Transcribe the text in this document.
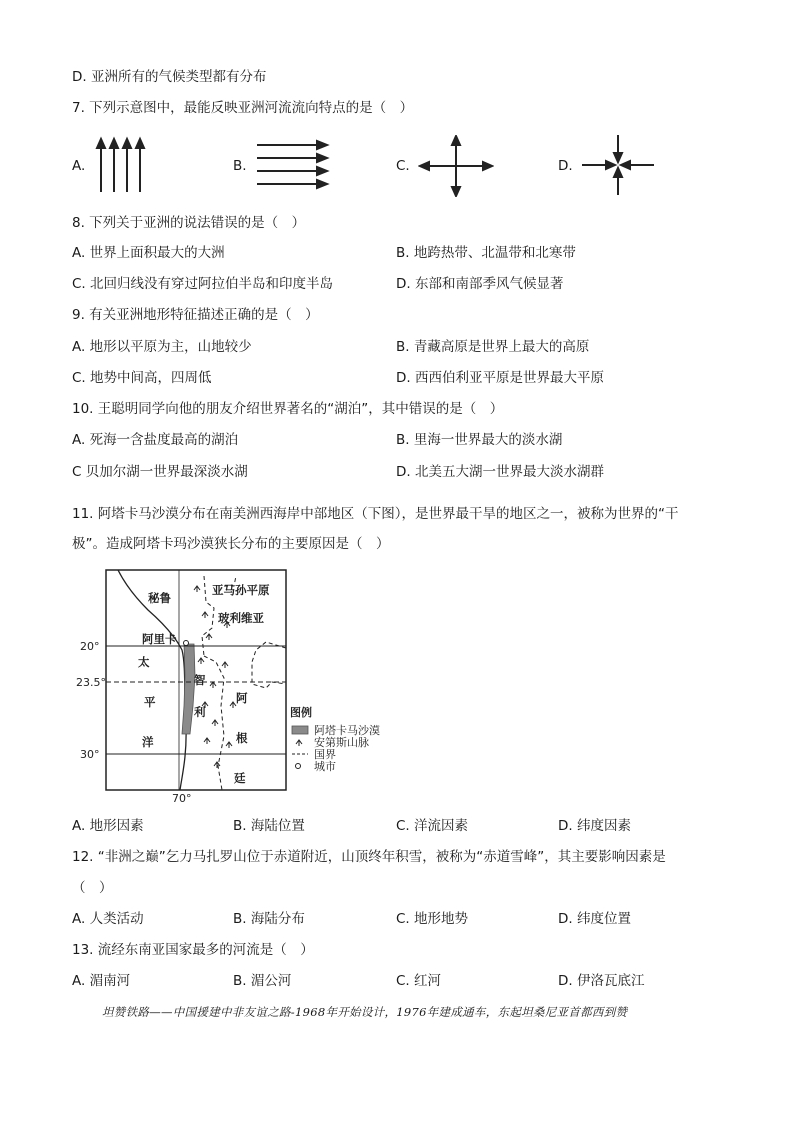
D. 亚洲所有的气候类型都有分布
7. 下列示意图中，最能反映亚洲河流流向特点的是（　）
A.	B.	C.	D.
8. 下列关于亚洲的说法错误的是（　）
A. 世界上面积最大的大洲	B. 地跨热带、北温带和北寒带
C. 北回归线没有穿过阿拉伯半岛和印度半岛	D. 东部和南部季风气候显著
9. 有关亚洲地形特征描述正确的是（　）
A. 地形以平原为主，山地较少	B. 青藏高原是世界上最大的高原
C. 地势中间高，四周低	D. 西西伯利亚平原是世界最大平原
10. 王聪明同学向他的朋友介绍世界著名的“湖泊”，其中错误的是（　）
A. 死海一含盐度最高的湖泊	B. 里海一世界最大的淡水湖
C 贝加尔湖一世界最深淡水湖	D. 北美五大湖一世界最大淡水湖群
11. 阿塔卡马沙漠分布在南美洲西海岸中部地区（下图），是世界最干旱的地区之一，被称为世界的“干
极”。造成阿塔卡玛沙漠狭长分布的主要原因是（　）
20°
23.5°
30°
70°
秘鲁
亚马孙平原
玻利维亚
阿里卡
太
平
洋
智
利
阿
根
廷
图例
阿塔卡马沙漠
安第斯山脉
国界
城市
A. 地形因素	B. 海陆位置	C. 洋流因素	D. 纬度因素
12. “非洲之巅”乞力马扎罗山位于赤道附近，山顶终年积雪，被称为“赤道雪峰”，其主要影响因素是
（　）
A. 人类活动	B. 海陆分布	C. 地形地势	D. 纬度位置
13. 流经东南亚国家最多的河流是（　）
A. 湄南河	B. 湄公河	C. 红河	D. 伊洛瓦底江
坦赞铁路——中国援建中非友谊之路-1968年开始设计，1976年建成通车，东起坦桑尼亚首都西到赞
